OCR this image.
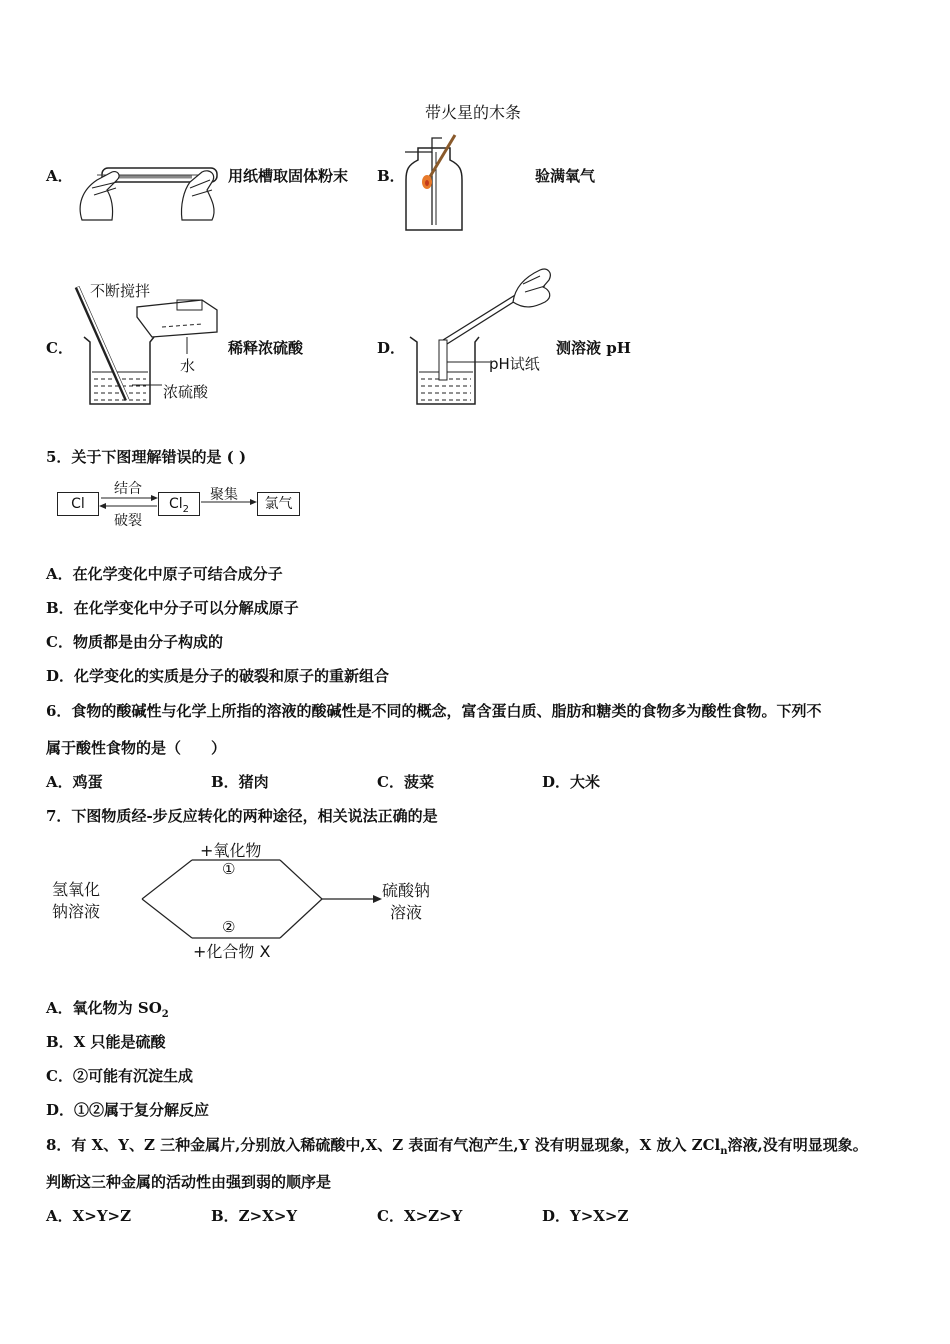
A．	用纸槽取固体粉末 B．
带火星的木条
验满氧气
C．
不断搅拌
水
浓硫酸
稀释浓硫酸	D．
pH试纸
测溶液 pH
5．关于下图理解错误的是 ( )
Cl	$Cl_2$	氯气
结合
破裂
聚集
A．在化学变化中原子可结合成分子
B．在化学变化中分子可以分解成原子
C．物质都是由分子构成的
D．化学变化的实质是分子的破裂和原子的重新组合
6．食物的酸碱性与化学上所指的溶液的酸碱性是不同的概念，富含蛋白质、脂肪和糖类的食物多为酸性食物。下列不
属于酸性食物的是（　　）
A．鸡蛋	B．猪肉	C．菠菜	D．大米
7．下图物质经-步反应转化的两种途径，相关说法正确的是
氢氧化
钠溶液
+氧化物
①
②
+化合物 X
硫酸钠
溶液
A．氧化物为 $SO_2$
B．X 只能是硫酸
C．②可能有沉淀生成
D．①②属于复分解反应
8．有 X、Y、Z 三种金属片,分别放入稀硫酸中,X、Z 表面有气泡产生,Y 没有明显现象，X 放入 ZCl$_n$溶液,没有明显现象。
判断这三种金属的活动性由强到弱的顺序是
A．X>Y>Z	B．Z>X>Y	C．X>Z>Y	D．Y>X>Z
